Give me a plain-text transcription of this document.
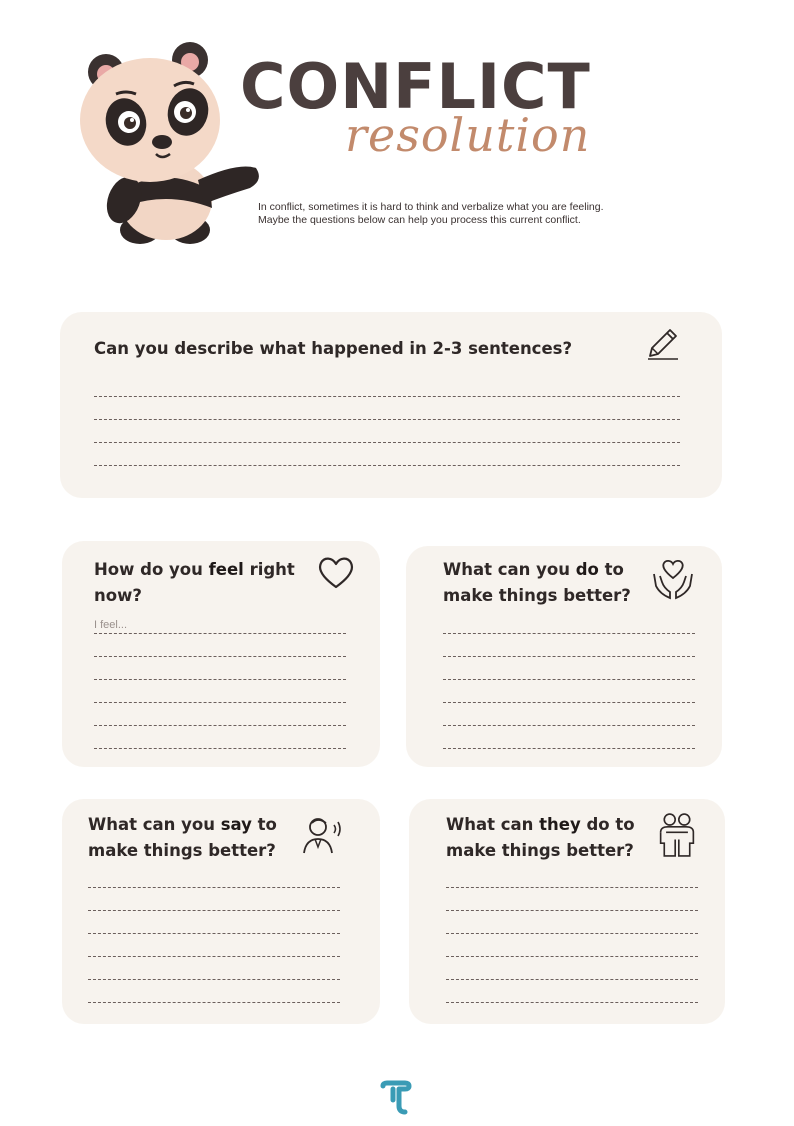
CONFLICT
resolution
In conflict, sometimes it is hard to think and verbalize what you are feeling. Maybe the questions below can help you process this current conflict.
Can you describe what happened in 2-3 sentences?
How do you feel right now?
I feel...
What can you do to make things better?
What can you say to make things better?
What can they do to make things better?
